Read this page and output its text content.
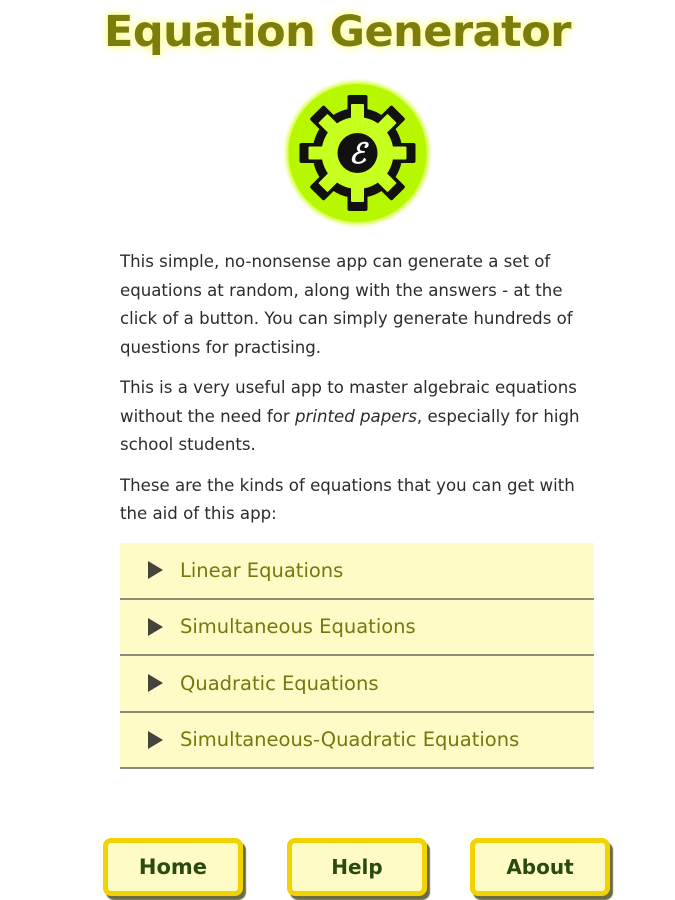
Equation Generator
ℰ

This simple, no-nonsense app can generate a set of equations at random, along with the answers - at the click of a button. You can simply generate hundreds of questions for practising.

This is a very useful app to master algebraic equations without the need for printed papers, especially for high school students.

These are the kinds of equations that you can get with the aid of this app:

Linear Equations
Simultaneous Equations
Quadratic Equations
Simultaneous-Quadratic Equations
Home	Help	About
